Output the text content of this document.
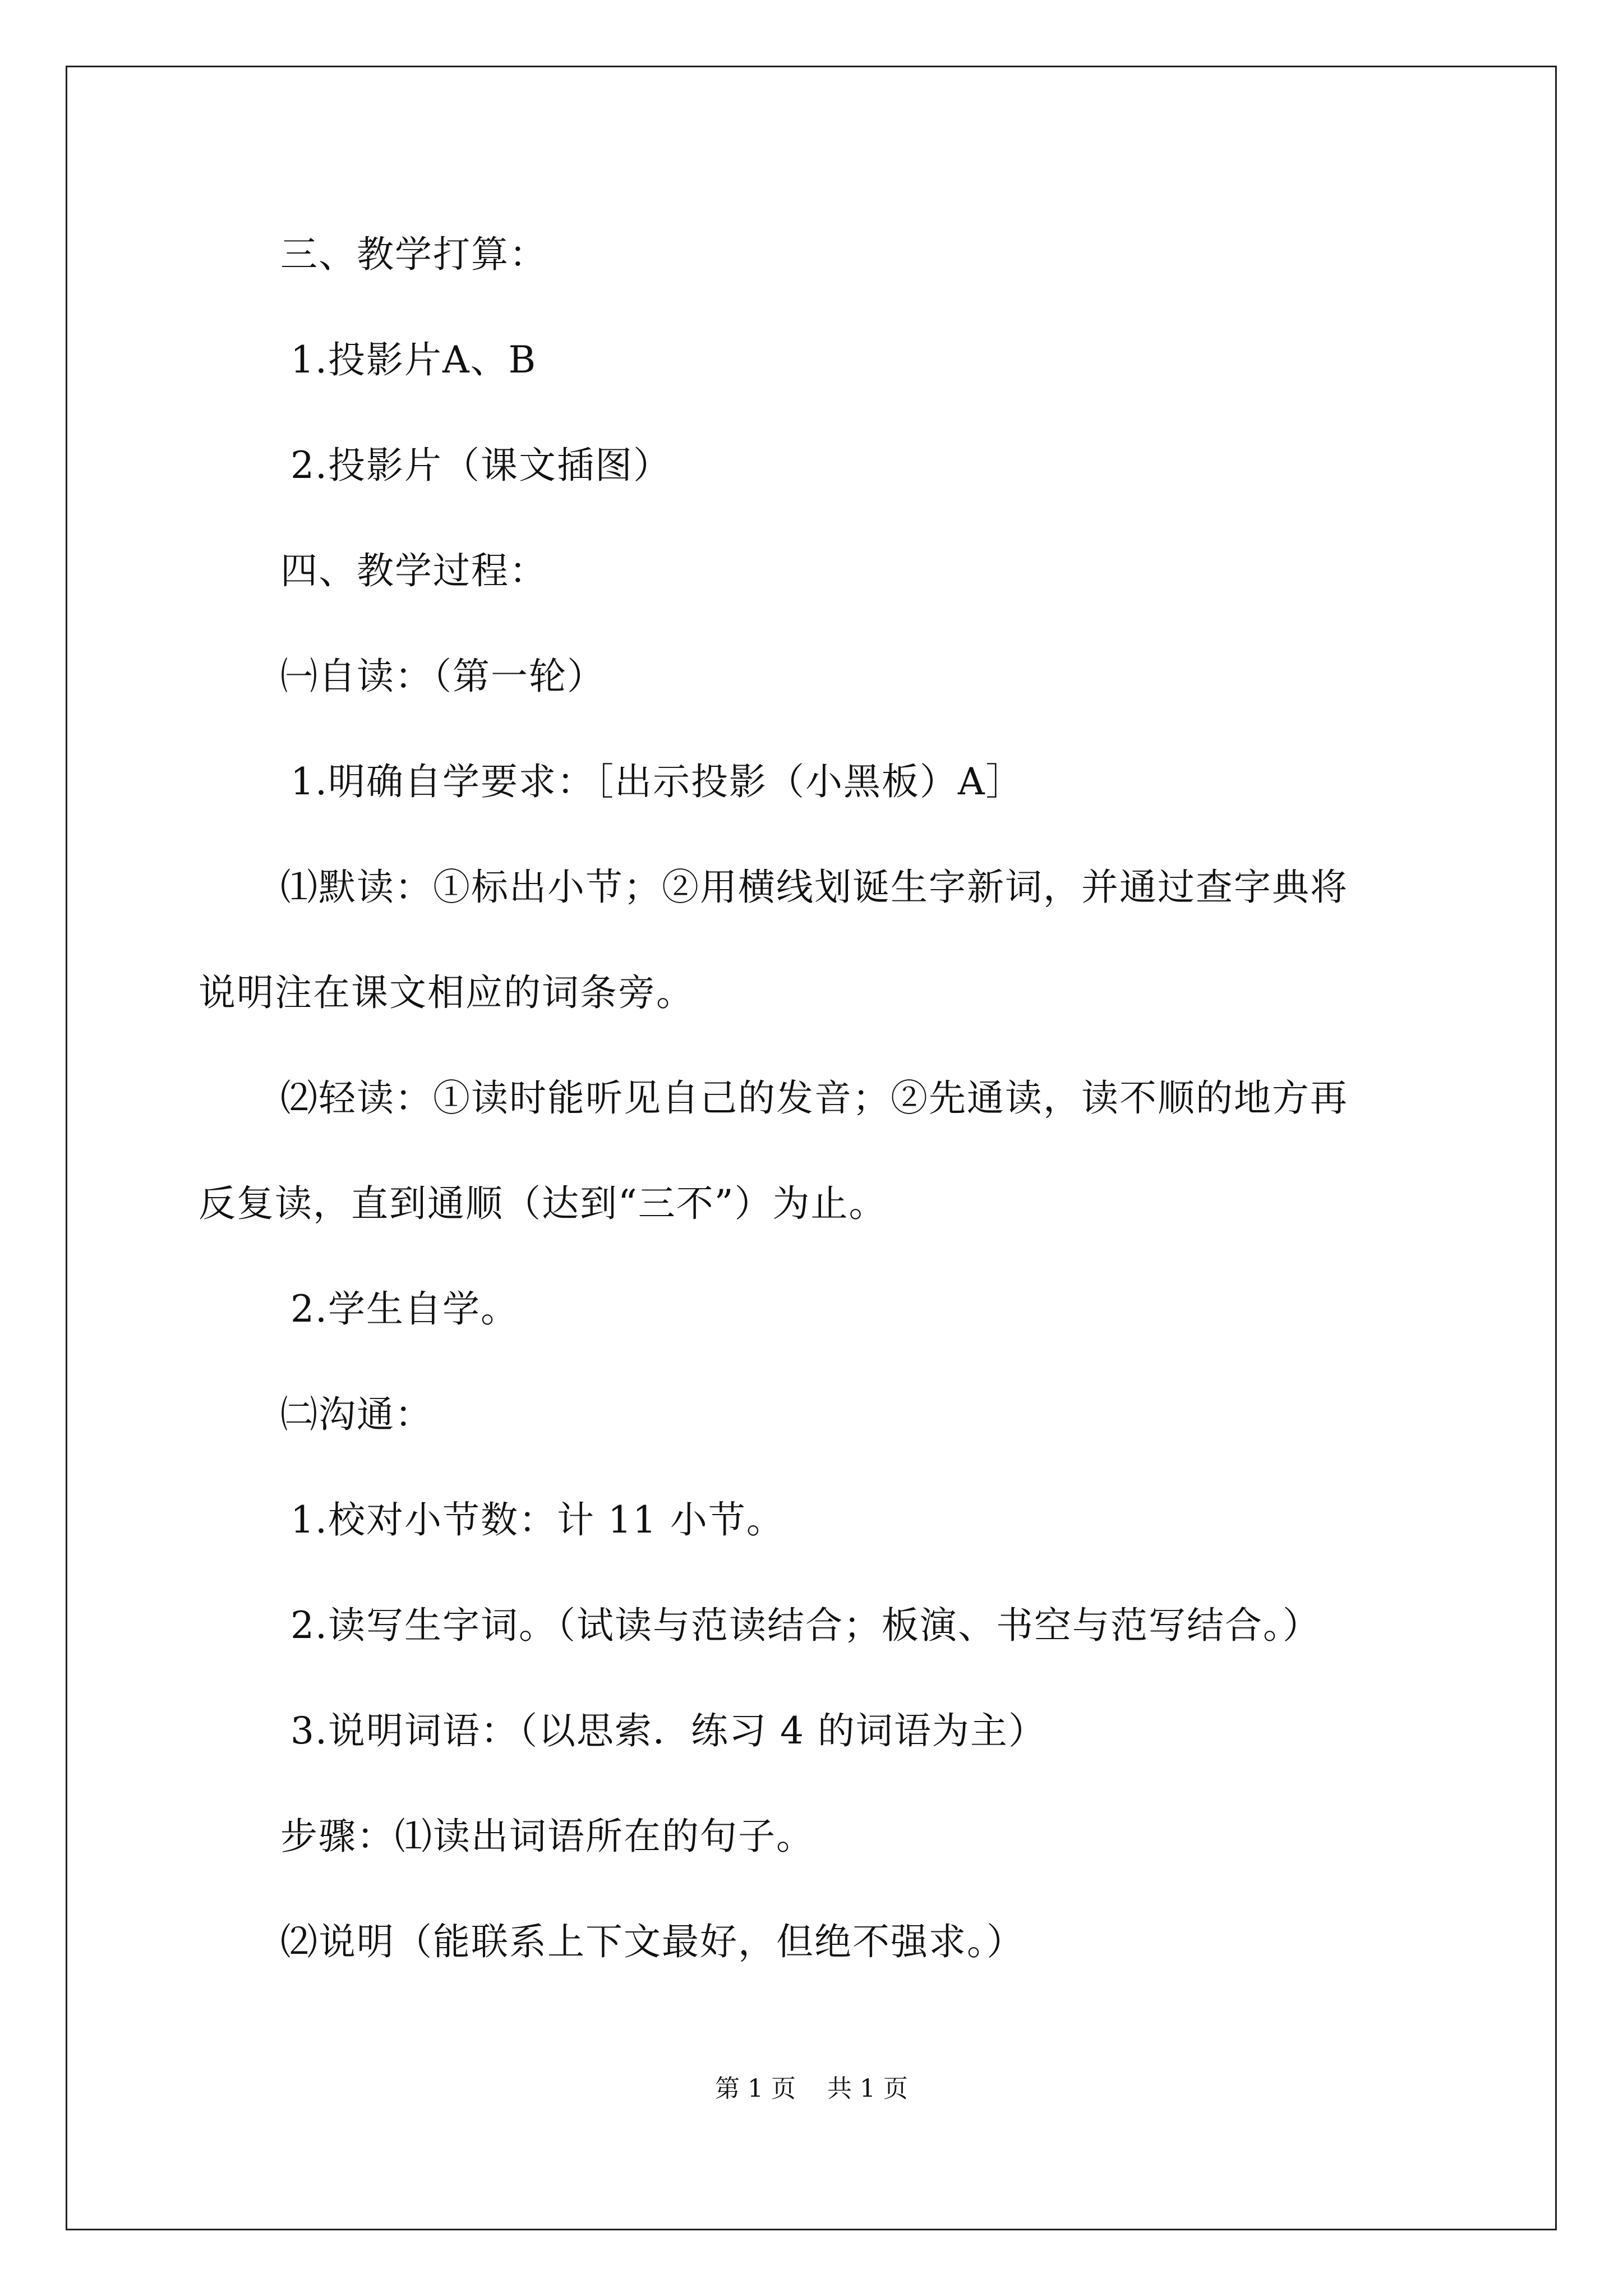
三、教学打算：
1.投影片A、B
2.投影片（课文插图）
四、教学过程：
㈠自读：（第一轮）
1.明确自学要求：［出示投影（小黑板）A］
⑴默读：①标出小节；②用横线划诞生字新词，并通过查字典将
说明注在课文相应的词条旁。
⑵轻读：①读时能听见自己的发音；②先通读，读不顺的地方再
反复读，直到通顺（达到“三不”）为止。
2.学生自学。
㈡沟通：
1.校对小节数：计 11 小节。
2.读写生字词。（试读与范读结合；板演、书空与范写结合。）
3.说明词语：（以思索．练习 4 的词语为主）
步骤：⑴读出词语所在的句子。
⑵说明（能联系上下文最好，但绝不强求。）
第 1 页    共 1 页
